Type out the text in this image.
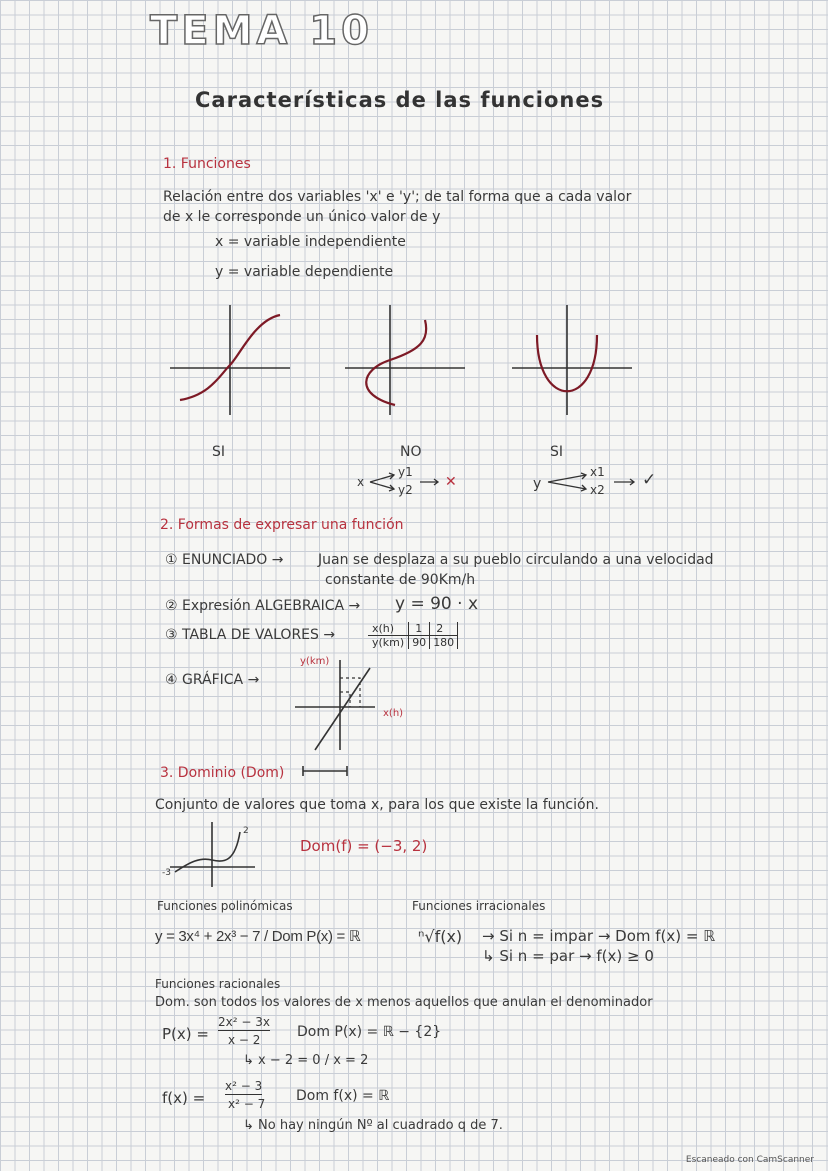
TEMA 10
Características de las funciones
1. Funciones
Relación entre dos variables 'x' e 'y'; de tal forma que a cada valor
de x le corresponde un único valor de y
x = variable independiente
y = variable dependiente
SI	NO	SI
x
y1
y2 ✕	y
x1
x2 ✓
2. Formas de expresar una función
① ENUNCIADO → Juan se desplaza a su pueblo circulando a una velocidad
constante de 90Km/h
② Expresión ALGEBRAICA → y = 90 · x
③ TABLA DE VALORES →	x(h)	1	2
y(km)	90	180
④ GRÁFICA →
y(km)
x(h)
3. Dominio (Dom)
Conjunto de valores que toma x, para los que existe la función.
-3
2
Dom(f) = (−3, 2)
Funciones polinómicas
y = 3x⁴ + 2x³ − 7 / Dom P(x) = ℝ
Funciones irracionales
ⁿ√f(x) → Si n = impar → Dom f(x) = ℝ
↳ Si n = par → f(x) ≥ 0
Funciones racionales
Dom. son todos los valores de x menos aquellos que anulan el denominador
P(x) =
2x² − 3x
x − 2	Dom P(x) = ℝ − {2}
↳ x − 2 = 0 / x = 2
f(x) =
x² − 3
x² − 7 Dom f(x) = ℝ
↳ No hay ningún Nº al cuadrado q de 7.
Escaneado con CamScanner
